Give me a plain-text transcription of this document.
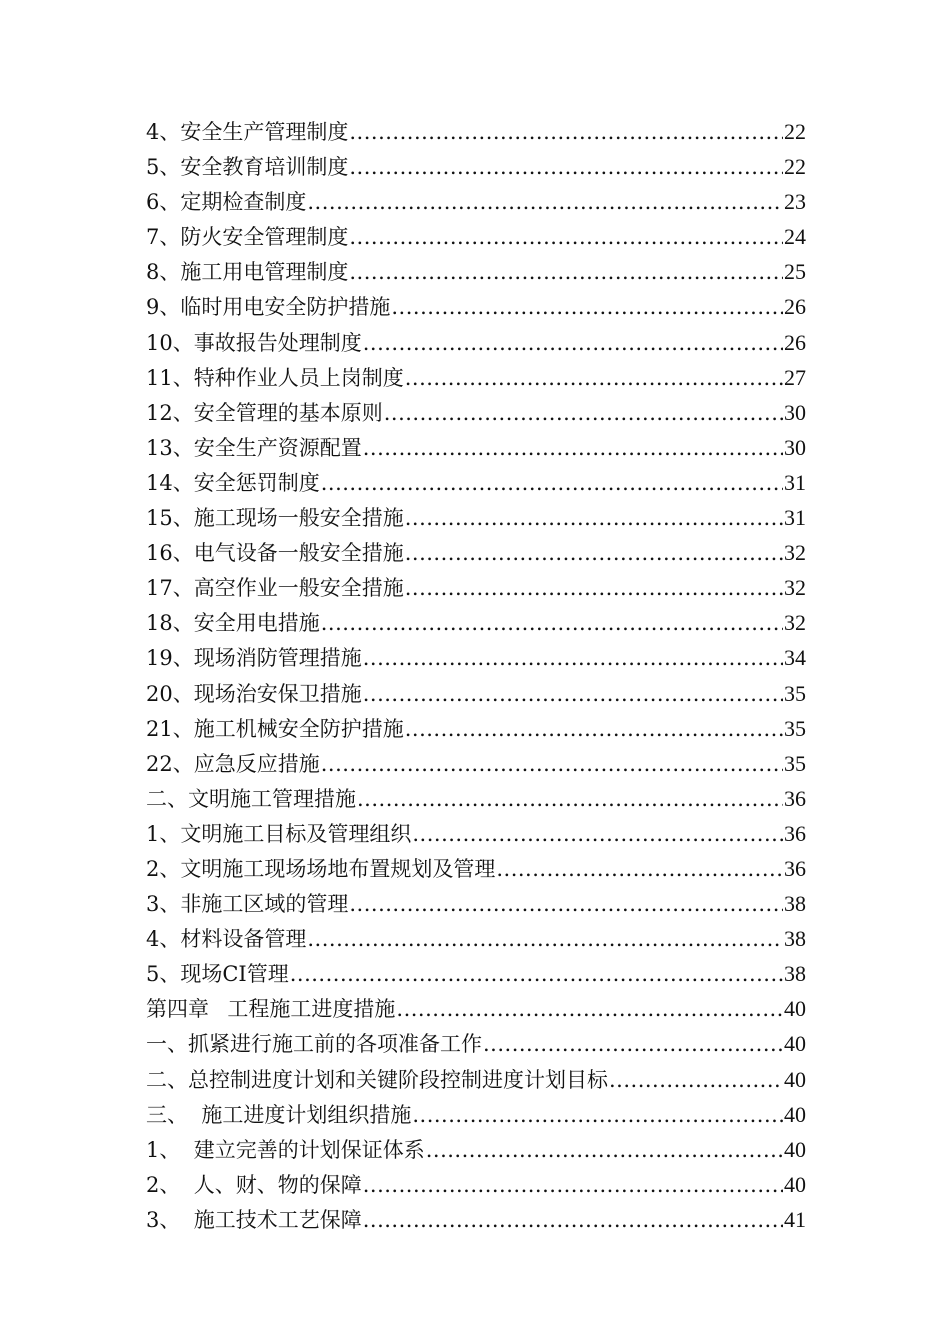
4、安全生产管理制度 .....	22
5、安全教育培训制度 .....	22
6、定期检查制度 .....	23
7、防火安全管理制度 .....	24
8、施工用电管理制度 .....	25
9、临时用电安全防护措施 .....	26
10、事故报告处理制度 .....	26
11、特种作业人员上岗制度 .....	27
12、安全管理的基本原则 .....	30
13、安全生产资源配置 .....	30
14、安全惩罚制度 .....	31
15、施工现场一般安全措施 .....	31
16、电气设备一般安全措施 .....	32
17、高空作业一般安全措施 .....	32
18、安全用电措施 .....	32
19、现场消防管理措施 .....	34
20、现场治安保卫措施 .....	35
21、施工机械安全防护措施 .....	35
22、应急反应措施 .....	35
二、文明施工管理措施 .....	36
1、文明施工目标及管理组织 .....	36
2、文明施工现场场地布置规划及管理 .....	36
3、非施工区域的管理 .....	38
4、材料设备管理 .....	38
5、现场CI管理 .....	38
第四章 工程施工进度措施 .....	40
一、抓紧进行施工前的各项准备工作 .....	40
二、总控制进度计划和关键阶段控制进度计划目标 .....	40
三、  施工进度计划组织措施 .....	40
1、  建立完善的计划保证体系 .....	40
2、  人、财、物的保障 .....	40
3、  施工技术工艺保障 .....	41
